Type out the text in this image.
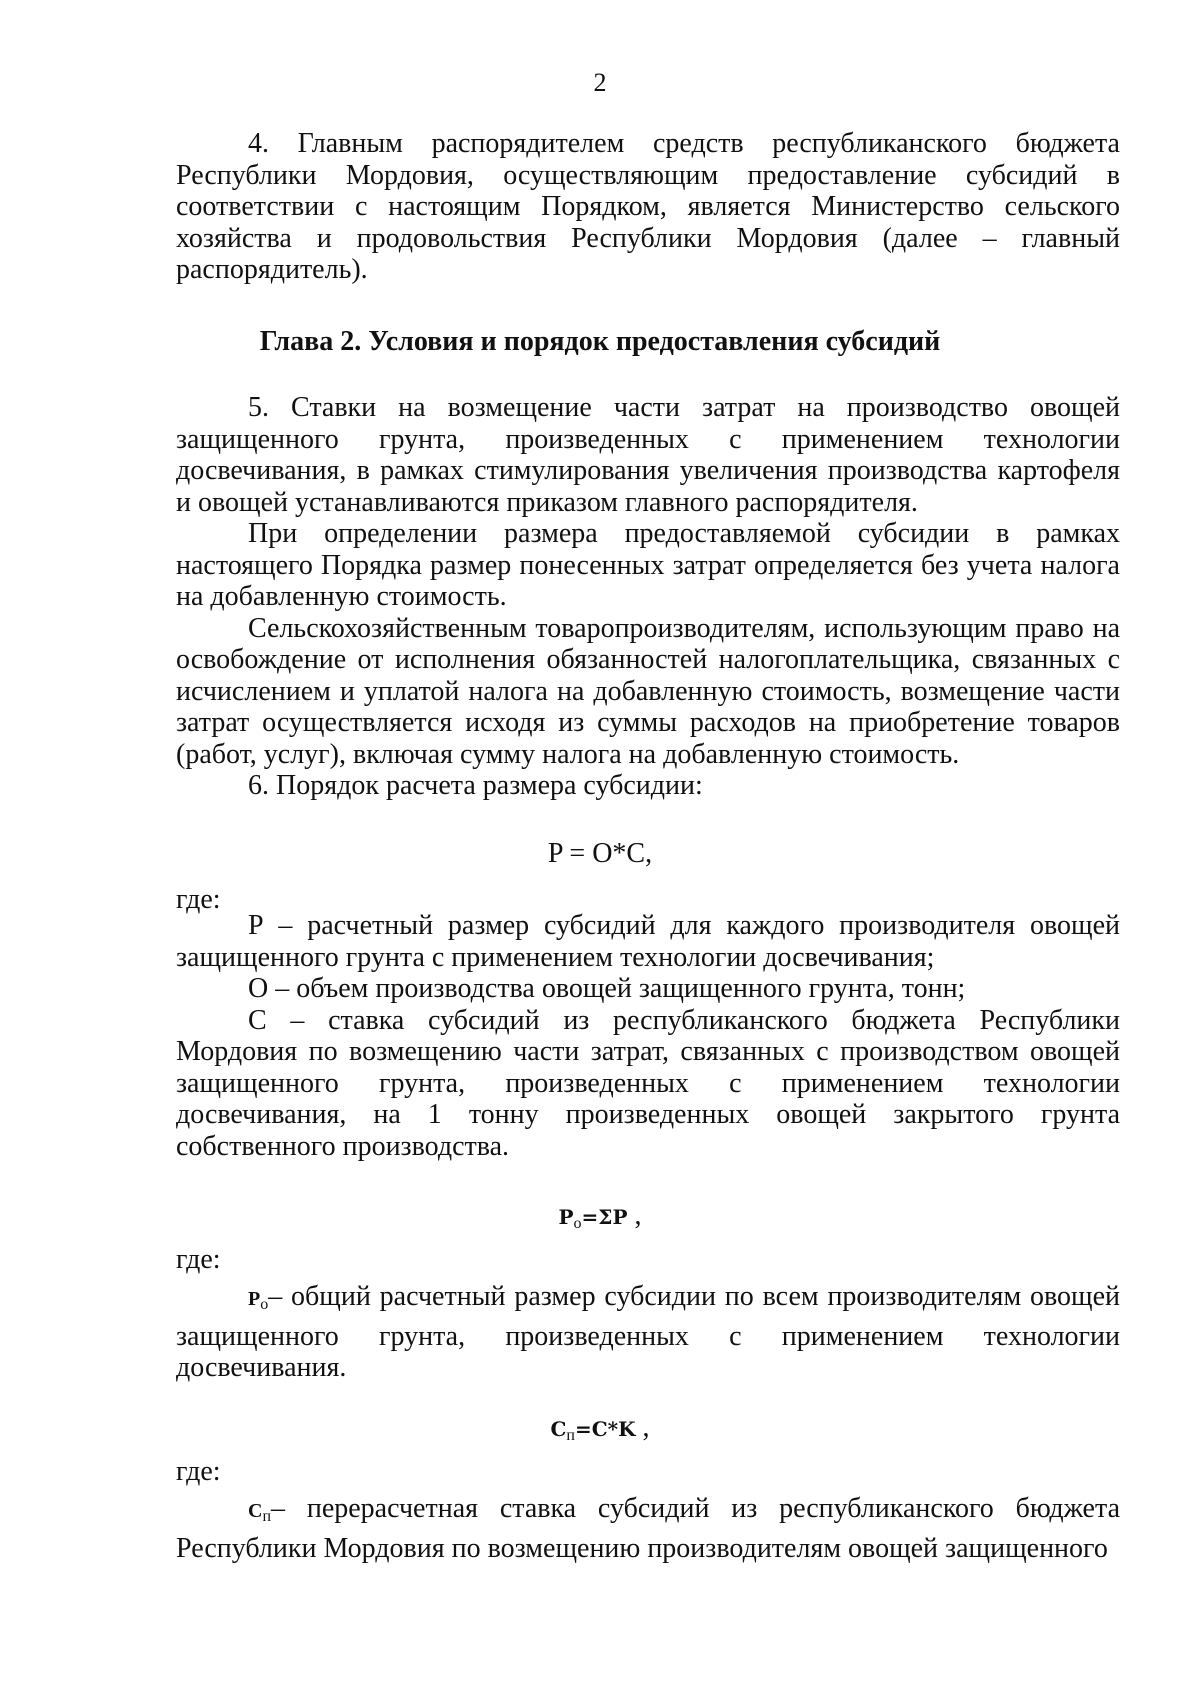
2

4. Главным распорядителем средств республиканского бюджета Республики Мордовия, осуществляющим предоставление субсидий в соответствии с настоящим Порядком, является Министерство сельского хозяйства и продовольствия Республики Мордовия (далее – главный распорядитель).

Глава 2. Условия и порядок предоставления субсидий

5. Ставки на возмещение части затрат на производство овощей защищенного грунта, произведенных с применением технологии досвечивания, в рамках стимулирования увеличения производства картофеля и овощей устанавливаются приказом главного распорядителя.

При определении размера предоставляемой субсидии в рамках настоящего Порядка размер понесенных затрат определяется без учета налога на добавленную стоимость.

Сельскохозяйственным товаропроизводителям, использующим право на освобождение от исполнения обязанностей налогоплательщика, связанных с исчислением и уплатой налога на добавленную стоимость, возмещение части затрат осуществляется исходя из суммы расходов на приобретение товаров (работ, услуг), включая сумму налога на добавленную стоимость.

6. Порядок расчета размера субсидии:

P = O*C,
где:

Р – расчетный размер субсидий для каждого производителя овощей защищенного грунта с применением технологии досвечивания;

О – объем производства овощей защищенного грунта, тонн;

С – ставка субсидий из республиканского бюджета Республики Мордовия по возмещению части затрат, связанных с производством овощей защищенного грунта, произведенных с применением технологии досвечивания, на 1 тонну произведенных овощей закрытого грунта собственного производства.

$P_o=\Sigma P$ ,
где:

$P_o-$ общий расчетный размер субсидии по всем производителям овощей защищенного грунта, произведенных с применением технологии досвечивания.

$C_п=C*K$ ,
где:

$C_п-$ перерасчетная ставка субсидий из республиканского бюджета Республики Мордовия по возмещению производителям овощей защищенного
